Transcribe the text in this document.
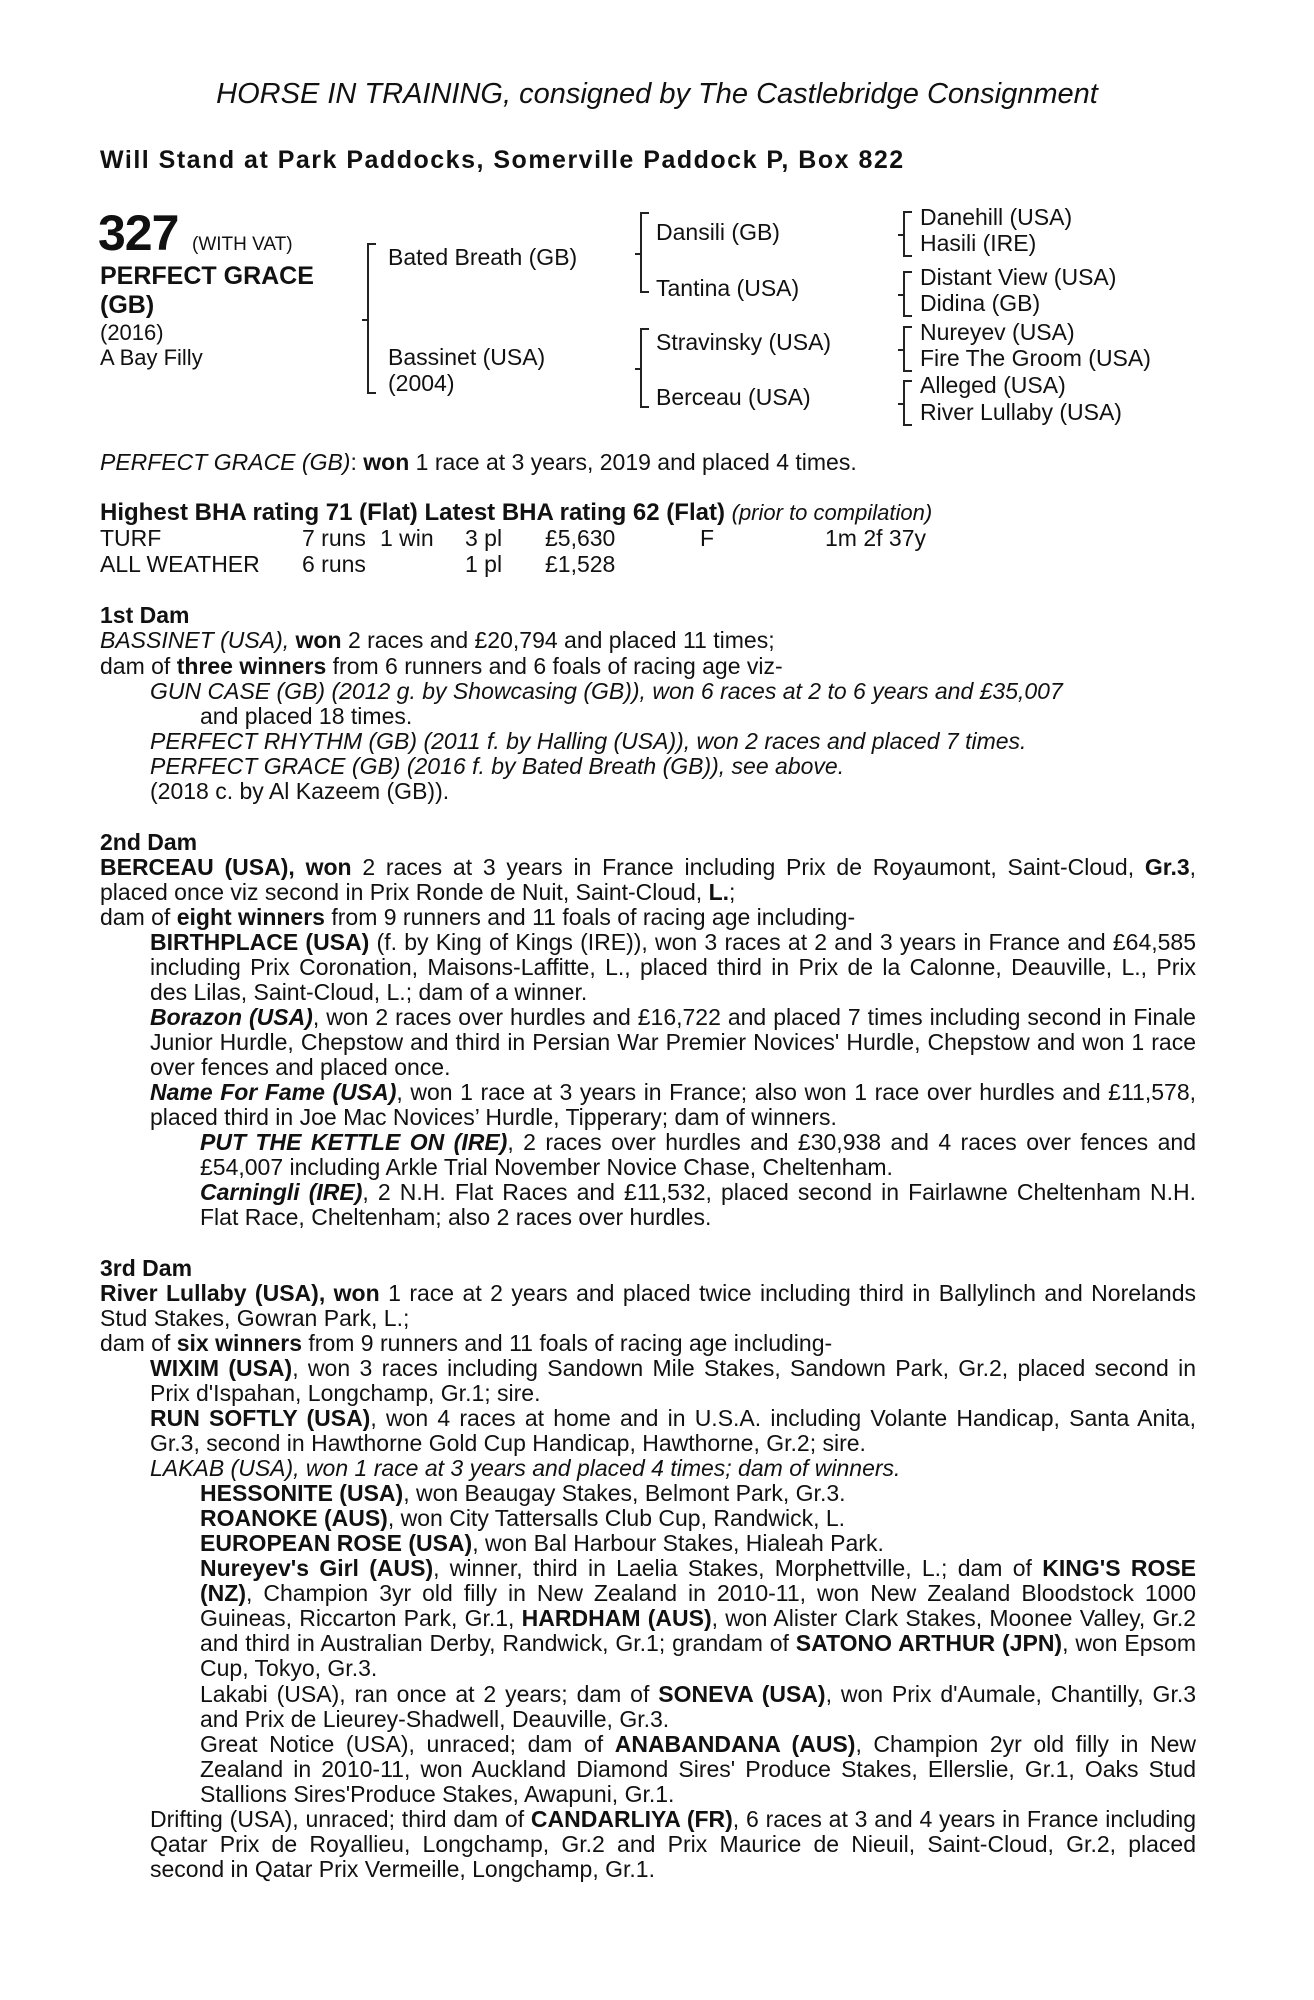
HORSE IN TRAINING, consigned by The Castlebridge Consignment
Will Stand at Park Paddocks, Somerville Paddock P, Box 822
327 (WITH VAT)
PERFECT GRACE (GB)
(2016)
A Bay Filly
Bated Breath (GB)
Bassinet (USA)
(2004)
Dansili (GB)
Tantina (USA)
Stravinsky (USA)
Berceau (USA)
Danehill (USA)
Hasili (IRE)
Distant View (USA)
Didina (GB)
Nureyev (USA)
Fire The Groom (USA)
Alleged (USA)
River Lullaby (USA)
PERFECT GRACE (GB): won 1 race at 3 years, 2019 and placed 4 times.
Highest BHA rating 71 (Flat) Latest BHA rating 62 (Flat) (prior to compilation)
TURF	7 runs 1 win 3 pl £5,630	F	1m 2f 37y
ALL WEATHER 6 runs	1 pl £1,528
1st Dam
BASSINET (USA), won 2 races and £20,794 and placed 11 times;
dam of three winners from 6 runners and 6 foals of racing age viz-
GUN CASE (GB) (2012 g. by Showcasing (GB)), won 6 races at 2 to 6 years and £35,007
and placed 18 times.
PERFECT RHYTHM (GB) (2011 f. by Halling (USA)), won 2 races and placed 7 times.
PERFECT GRACE (GB) (2016 f. by Bated Breath (GB)), see above.
(2018 c. by Al Kazeem (GB)).
2nd Dam
BERCEAU (USA), won 2 races at 3 years in France including Prix de Royaumont, Saint-Cloud, Gr.3, placed once viz second in Prix Ronde de Nuit, Saint-Cloud, L.;
dam of eight winners from 9 runners and 11 foals of racing age including-
BIRTHPLACE (USA) (f. by King of Kings (IRE)), won 3 races at 2 and 3 years in France and £64,585 including Prix Coronation, Maisons-Laffitte, L., placed third in Prix de la Calonne, Deauville, L., Prix des Lilas, Saint-Cloud, L.; dam of a winner.
Borazon (USA), won 2 races over hurdles and £16,722 and placed 7 times including second in Finale Junior Hurdle, Chepstow and third in Persian War Premier Novices' Hurdle, Chepstow and won 1 race over fences and placed once.
Name For Fame (USA), won 1 race at 3 years in France; also won 1 race over hurdles and £11,578, placed third in Joe Mac Novices’ Hurdle, Tipperary; dam of winners.
PUT THE KETTLE ON (IRE), 2 races over hurdles and £30,938 and 4 races over fences and £54,007 including Arkle Trial November Novice Chase, Cheltenham.
Carningli (IRE), 2 N.H. Flat Races and £11,532, placed second in Fairlawne Cheltenham N.H. Flat Race, Cheltenham; also 2 races over hurdles.
3rd Dam
River Lullaby (USA), won 1 race at 2 years and placed twice including third in Ballylinch and Norelands Stud Stakes, Gowran Park, L.;
dam of six winners from 9 runners and 11 foals of racing age including-
WIXIM (USA), won 3 races including Sandown Mile Stakes, Sandown Park, Gr.2, placed second in Prix d'Ispahan, Longchamp, Gr.1; sire.
RUN SOFTLY (USA), won 4 races at home and in U.S.A. including Volante Handicap, Santa Anita, Gr.3, second in Hawthorne Gold Cup Handicap, Hawthorne, Gr.2; sire.
LAKAB (USA), won 1 race at 3 years and placed 4 times; dam of winners.
HESSONITE (USA), won Beaugay Stakes, Belmont Park, Gr.3.
ROANOKE (AUS), won City Tattersalls Club Cup, Randwick, L.
EUROPEAN ROSE (USA), won Bal Harbour Stakes, Hialeah Park.
Nureyev's Girl (AUS), winner, third in Laelia Stakes, Morphettville, L.; dam of KING'S ROSE (NZ), Champion 3yr old filly in New Zealand in 2010-11, won New Zealand Bloodstock 1000 Guineas, Riccarton Park, Gr.1, HARDHAM (AUS), won Alister Clark Stakes, Moonee Valley, Gr.2 and third in Australian Derby, Randwick, Gr.1; grandam of SATONO ARTHUR (JPN), won Epsom Cup, Tokyo, Gr.3.
Lakabi (USA), ran once at 2 years; dam of SONEVA (USA), won Prix d'Aumale, Chantilly, Gr.3 and Prix de Lieurey-Shadwell, Deauville, Gr.3.
Great Notice (USA), unraced; dam of ANABANDANA (AUS), Champion 2yr old filly in New Zealand in 2010-11, won Auckland Diamond Sires' Produce Stakes, Ellerslie, Gr.1, Oaks Stud Stallions Sires'Produce Stakes, Awapuni, Gr.1.
Drifting (USA), unraced; third dam of CANDARLIYA (FR), 6 races at 3 and 4 years in France including Qatar Prix de Royallieu, Longchamp, Gr.2 and Prix Maurice de Nieuil, Saint-Cloud, Gr.2, placed second in Qatar Prix Vermeille, Longchamp, Gr.1.
